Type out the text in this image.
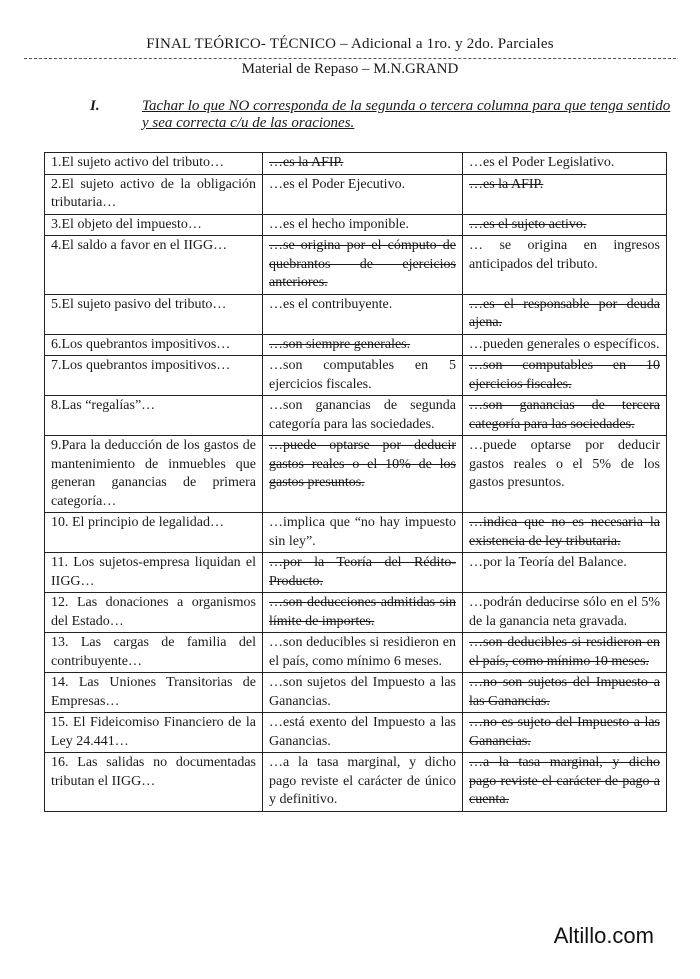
FINAL TEÓRICO- TÉCNICO – Adicional a 1ro. y 2do. Parciales
Material de Repaso – M.N.GRAND
I.	Tachar lo que NO corresponda de la segunda o tercera columna para que tenga sentido y sea correcta c/u de las oraciones.
1.El sujeto activo del tributo…	…es la AFIP.	…es el Poder Legislativo.
2.El sujeto activo de la obligación tributaria…	…es el Poder Ejecutivo.	…es la AFIP.
3.El objeto del impuesto…	…es el hecho imponible.	…es el sujeto activo.
4.El saldo a favor en el IIGG…	…se origina por el cómputo de quebrantos de ejercicios anteriores.	… se origina en ingresos anticipados del tributo.
5.El sujeto pasivo del tributo…	…es el contribuyente.	…es el responsable por deuda ajena.
6.Los quebrantos impositivos…	…son siempre generales.	…pueden generales o específicos.
7.Los quebrantos impositivos…	…son computables en 5 ejercicios fiscales.	…son computables en 10 ejercicios fiscales.
8.Las “regalías”…	…son ganancias de segunda categoría para las sociedades.	…son ganancias de tercera categoría para las sociedades.
9.Para la deducción de los gastos de mantenimiento de inmuebles que generan ganancias de primera categoría…	…puede optarse por deducir gastos reales o el 10% de los gastos presuntos.	…puede optarse por deducir gastos reales o el 5% de los gastos presuntos.
10. El principio de legalidad…	…implica que “no hay impuesto sin ley”.	…indica que no es necesaria la existencia de ley tributaria.
11. Los sujetos-empresa liquidan el IIGG…	…por la Teoría del Rédito-Producto.	…por la Teoría del Balance.
12. Las donaciones a organismos del Estado…	…son deducciones admitidas sin límite de importes.	…podrán deducirse sólo en el 5% de la ganancia neta gravada.
13. Las cargas de familia del contribuyente…	…son deducibles si residieron en el país, como mínimo 6 meses.	…son deducibles si residieron en el país, como mínimo 10 meses.
14. Las Uniones Transitorias de Empresas…	…son sujetos del Impuesto a las Ganancias.	…no son sujetos del Impuesto a las Ganancias.
15. El Fideicomiso Financiero de la Ley 24.441…	…está exento del Impuesto a las Ganancias.	…no es sujeto del Impuesto a las Ganancias.
16. Las salidas no documentadas tributan el IIGG…	…a la tasa marginal, y dicho pago reviste el carácter de único y definitivo.	…a la tasa marginal, y dicho pago reviste el carácter de pago a cuenta.
Altillo.com
